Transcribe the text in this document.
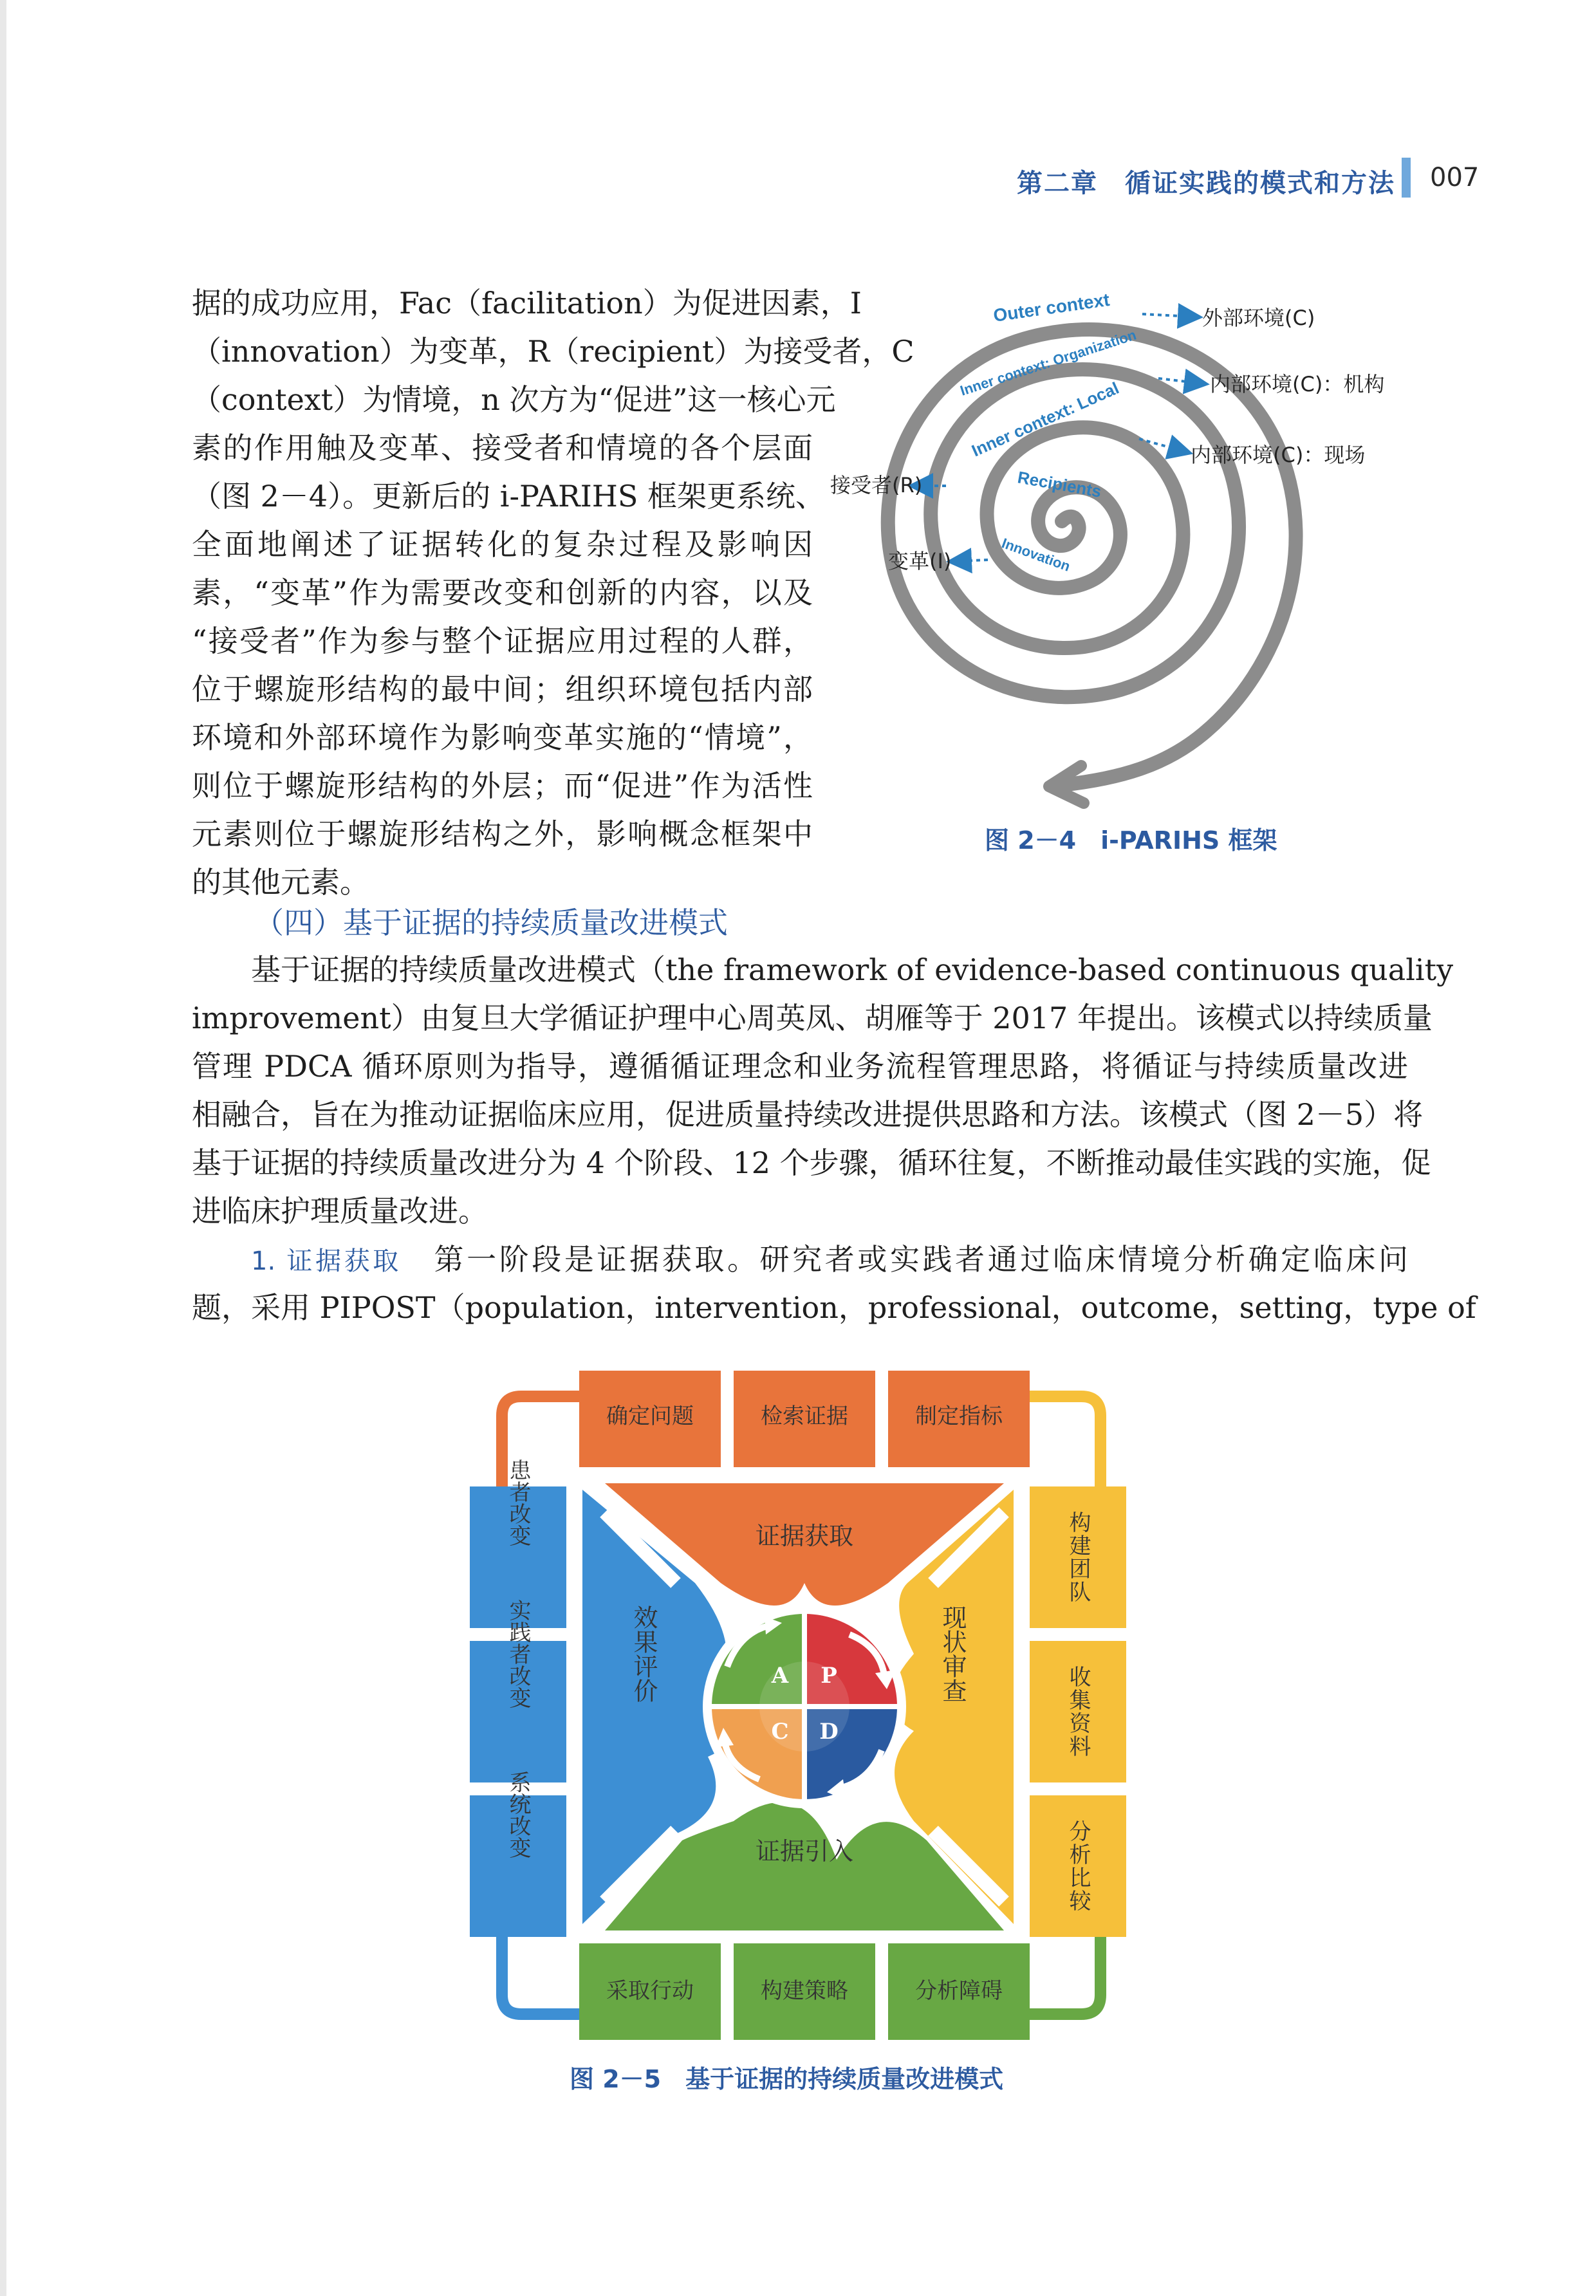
第二章　循证实践的模式和方法 007
据的成功应用，Fac（facilitation）为促进因素，I
（innovation）为变革，R（recipient）为接受者，C
（context）为情境，n 次方为“促进”这一核心元
素的作用触及变革、接受者和情境的各个层面
（图 2－4）。更新后的 i-PARIHS 框架更系统、
全面地阐述了证据转化的复杂过程及影响因
素，“变革”作为需要改变和创新的内容，以及
“接受者”作为参与整个证据应用过程的人群，
位于螺旋形结构的最中间；组织环境包括内部
环境和外部环境作为影响变革实施的“情境”，
则位于螺旋形结构的外层；而“促进”作为活性
元素则位于螺旋形结构之外，影响概念框架中
的其他元素。
Outer context
Inner context: Organization
Inner context: Local
Recipients
Innovation
外部环境(C)
内部环境(C)：机构
内部环境(C)：现场
接受者(R)
变革(I)
图 2－4　i-PARIHS 框架
（四）基于证据的持续质量改进模式
基于证据的持续质量改进模式（the framework of evidence-based continuous quality
improvement）由复旦大学循证护理中心周英凤、胡雁等于 2017 年提出。该模式以持续质量
管理 PDCA 循环原则为指导，遵循循证理念和业务流程管理思路，将循证与持续质量改进
相融合，旨在为推动证据临床应用，促进质量持续改进提供思路和方法。该模式（图 2－5）将
基于证据的持续质量改进分为 4 个阶段、12 个步骤，循环往复，不断推动最佳实践的实施，促
进临床护理质量改进。
1. 证据获取　 第一阶段是证据获取。研究者或实践者通过临床情境分析确定临床问
题，采用 PIPOST（population，intervention，professional，outcome，setting，type of
确定问题	检索证据	制定指标
构建团队
收集资料
分析比较
采取行动	构建策略	分析障碍
患者改变
实践者改变
系统改变
证据获取
现状审查
证据引入
效果评价	P
D
C
A
图 2－5　基于证据的持续质量改进模式
